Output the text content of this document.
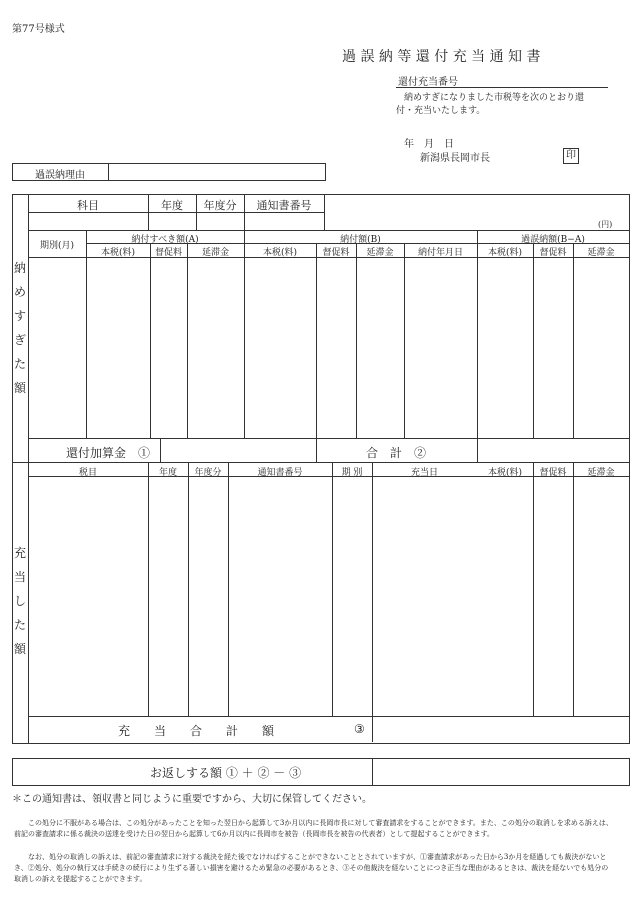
第77号様式
過 誤 納 等 還 付 充 当 通 知 書
還付充当番号
納めすぎになりました市税等を次のとおり還
付・充当いたします。
年　月　日
新潟県長岡市長	印
過誤納理由
納
め
す
ぎ
た
額
充
当
し
た
額
科目	年度	年度分	通知書番号
(円)
期別(月)
納付すべき額(A)	納付額(B)	過誤納額(B−A)
本税(料)	督促料	延滞金	本税(料)	督促料	延滞金	納付年月日	本税(料)	督促料	延滞金
還付加算金　①	合　計　②
税目	年度	年度分	通知書番号	期 別	充当日	本税(料)	督促料	延滞金
充　　当　　合　　計　　額	③
お返しする額 ① ＋ ② － ③
＊この通知書は、領収書と同じように重要ですから、大切に保管してください。
この処分に不服がある場合は、この処分があったことを知った翌日から起算して3か月以内に長岡市長に対して審査請求をすることができます。また、この処分の取消しを求める訴えは、前記の審査請求に係る裁決の送達を受けた日の翌日から起算して6か月以内に長岡市を被告（長岡市長を被告の代表者）として提起することができます。
なお、処分の取消しの訴えは、前記の審査請求に対する裁決を経た後でなければすることができないこととされていますが、①審査請求があった日から3か月を経過しても裁決がないとき、②処分、処分の執行又は手続きの続行により生ずる著しい損害を避けるため緊急の必要があるとき、③その他裁決を経ないことにつき正当な理由があるときは、裁決を経ないでも処分の取消しの訴えを提起することができます。
